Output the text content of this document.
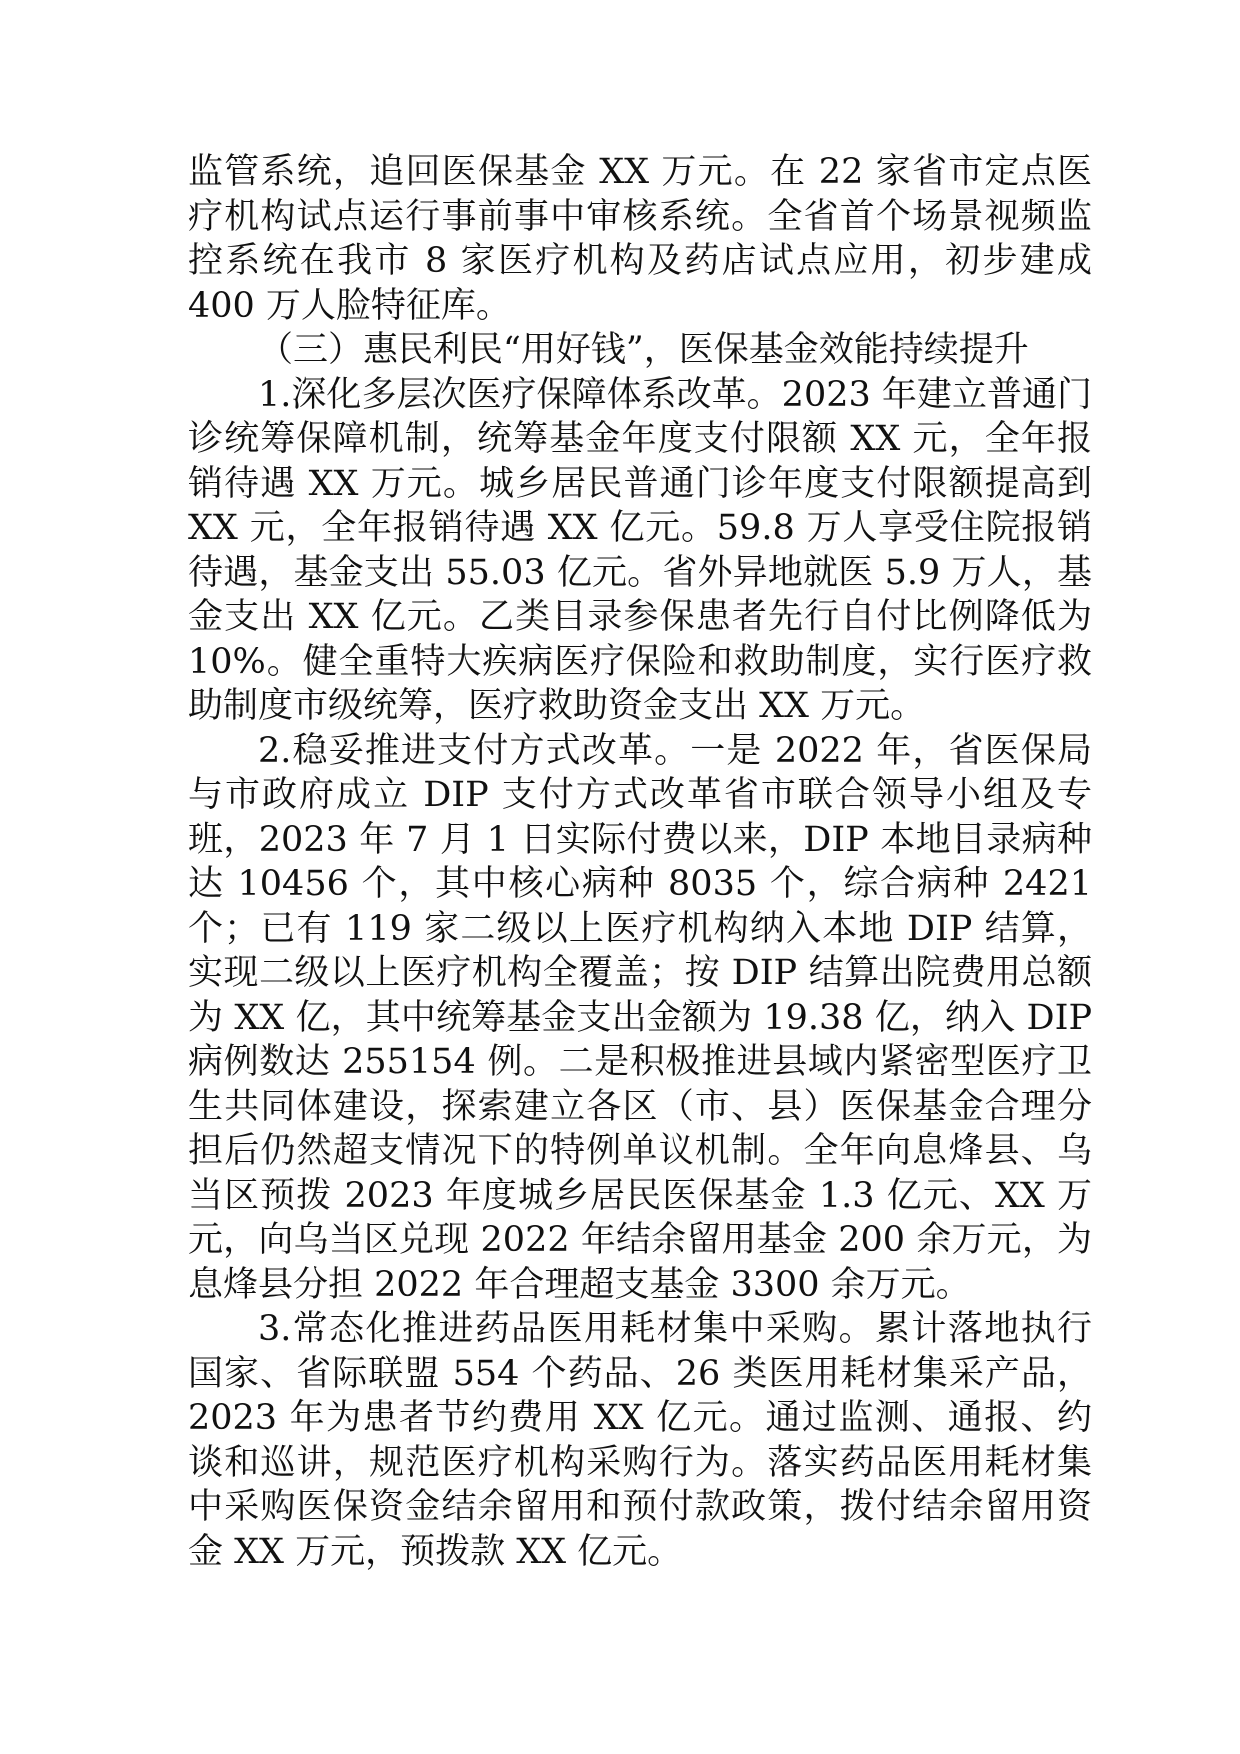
监管系统，追回医保基金 XX 万元。在 22 家省市定点医疗机构试点运行事前事中审核系统。全省首个场景视频监控系统在我市 8 家医疗机构及药店试点应用，初步建成 400 万人脸特征库。

（三）惠民利民“用好钱”，医保基金效能持续提升

1.深化多层次医疗保障体系改革。2023 年建立普通门诊统筹保障机制，统筹基金年度支付限额 XX 元，全年报销待遇 XX 万元。城乡居民普通门诊年度支付限额提高到 XX 元，全年报销待遇 XX 亿元。59.8 万人享受住院报销待遇，基金支出 55.03 亿元。省外异地就医 5.9 万人，基金支出 XX 亿元。乙类目录参保患者先行自付比例降低为 10%。健全重特大疾病医疗保险和救助制度，实行医疗救助制度市级统筹，医疗救助资金支出 XX 万元。

2.稳妥推进支付方式改革。一是 2022 年，省医保局与市政府成立 DIP 支付方式改革省市联合领导小组及专班，2023 年 7 月 1 日实际付费以来，DIP 本地目录病种达 10456 个，其中核心病种 8035 个，综合病种 2421 个；已有 119 家二级以上医疗机构纳入本地 DIP 结算，实现二级以上医疗机构全覆盖；按 DIP 结算出院费用总额为 XX 亿，其中统筹基金支出金额为 19.38 亿，纳入 DIP 病例数达 255154 例。二是积极推进县域内紧密型医疗卫生共同体建设，探索建立各区（市、县）医保基金合理分担后仍然超支情况下的特例单议机制。全年向息烽县、乌当区预拨 2023 年度城乡居民医保基金 1.3 亿元、XX 万元，向乌当区兑现 2022 年结余留用基金 200 余万元，为息烽县分担 2022 年合理超支基金 3300 余万元。

3.常态化推进药品医用耗材集中采购。累计落地执行国家、省际联盟 554 个药品、26 类医用耗材集采产品，2023 年为患者节约费用 XX 亿元。通过监测、通报、约谈和巡讲，规范医疗机构采购行为。落实药品医用耗材集中采购医保资金结余留用和预付款政策，拨付结余留用资金 XX 万元，预拨款 XX 亿元。
